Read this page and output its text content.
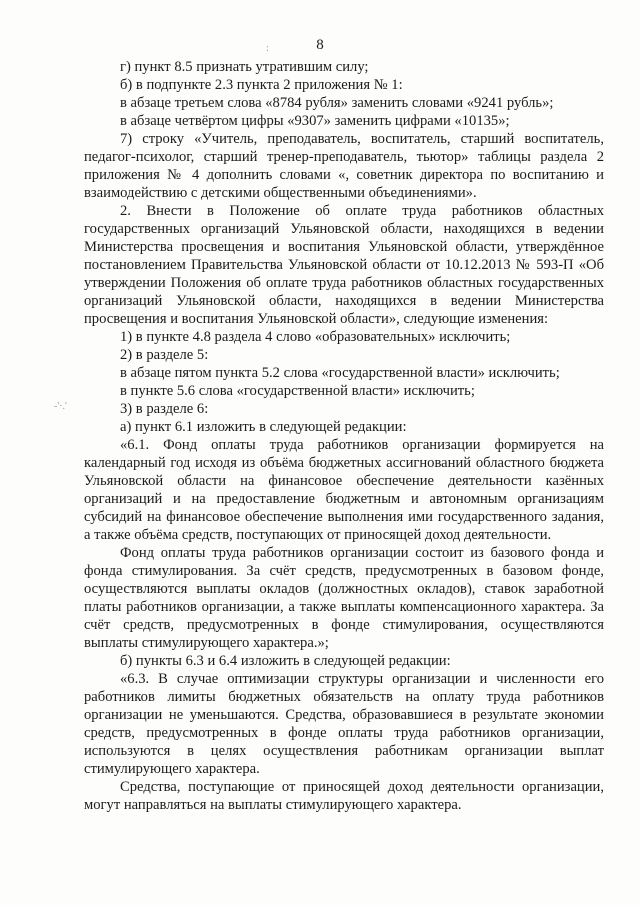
8
-'·.'
:

г) пункт 8.5 признать утратившим силу;

б) в подпункте 2.3 пункта 2 приложения № 1:

в абзаце третьем слова «8784 рубля» заменить словами «9241 рубль»;

в абзаце четвёртом цифры «9307» заменить цифрами «10135»;

7) строку «Учитель, преподаватель, воспитатель, старший воспитатель, педагог-психолог, старший тренер-преподаватель, тьютор» таблицы раздела 2 приложения № 4 дополнить словами «, советник директора по воспитанию и взаимодействию с детскими общественными объединениями».

2. Внести в Положение об оплате труда работников областных государственных организаций Ульяновской области, находящихся в ведении Министерства просвещения и воспитания Ульяновской области, утверждённое постановлением Правительства Ульяновской области от 10.12.2013 № 593-П «Об утверждении Положения об оплате труда работников областных государственных организаций Ульяновской области, находящихся в ведении Министерства просвещения и воспитания Ульяновской области», следующие изменения:

1) в пункте 4.8 раздела 4 слово «образовательных» исключить;

2) в разделе 5:

в абзаце пятом пункта 5.2 слова «государственной власти» исключить;

в пункте 5.6 слова «государственной власти» исключить;

3) в разделе 6:

а) пункт 6.1 изложить в следующей редакции:

«6.1. Фонд оплаты труда работников организации формируется на календарный год исходя из объёма бюджетных ассигнований областного бюджета Ульяновской области на финансовое обеспечение деятельности казённых организаций и на предоставление бюджетным и автономным организациям субсидий на финансовое обеспечение выполнения ими государственного задания, а также объёма средств, поступающих от приносящей доход деятельности.

Фонд оплаты труда работников организации состоит из базового фонда и фонда стимулирования. За счёт средств, предусмотренных в базовом фонде, осуществляются выплаты окладов (должностных окладов), ставок заработной платы работников организации, а также выплаты компенсационного характера. За счёт средств, предусмотренных в фонде стимулирования, осуществляются выплаты стимулирующего характера.»;

б) пункты 6.3 и 6.4 изложить в следующей редакции:

«6.3. В случае оптимизации структуры организации и численности его работников лимиты бюджетных обязательств на оплату труда работников организации не уменьшаются. Средства, образовавшиеся в результате экономии средств, предусмотренных в фонде оплаты труда работников организации, используются в целях осуществления работникам организации выплат стимулирующего характера.

Средства, поступающие от приносящей доход деятельности организации, могут направляться на выплаты стимулирующего характера.
